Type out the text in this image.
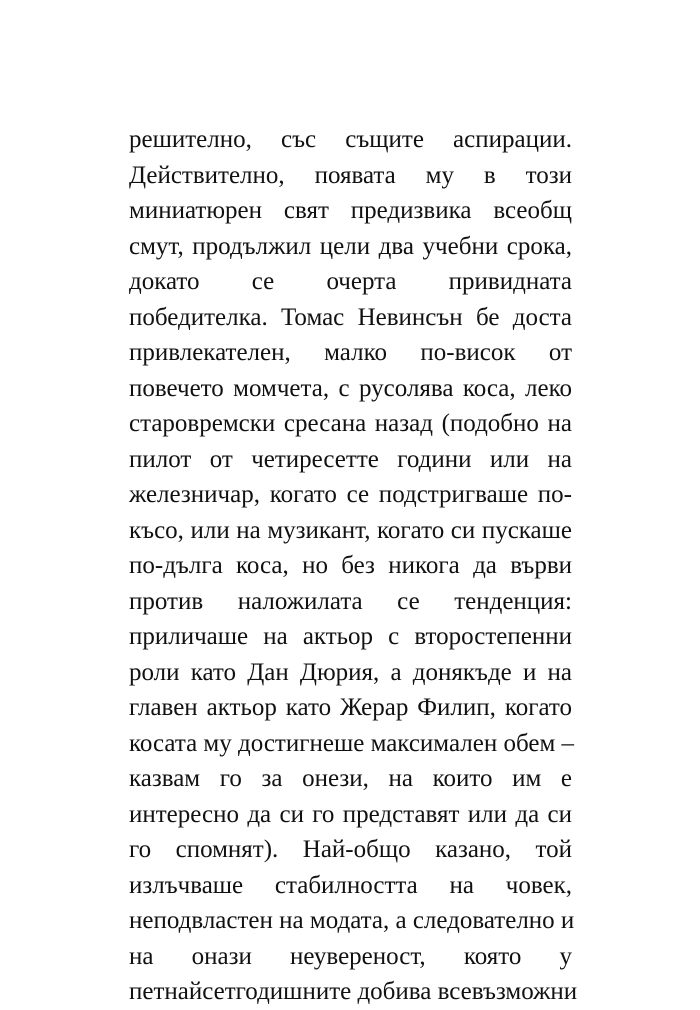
решително, със същите аспирации.
Действително, появата му в този
миниатюрен свят предизвика всеобщ
смут, продължил цели два учебни срока,
докато се очерта привидната
победителка. Томас Невинсън бе доста
привлекателен, малко по-висок от
повечето момчета, с русолява коса, леко
старовремски сресана назад (подобно на
пилот от четиресетте години или на
железничар, когато се подстригваше по-
късо, или на музикант, когато си пускаше
по-дълга коса, но без никога да върви
против наложилата се тенденция:
приличаше на актьор с второстепенни
роли като Дан Дюрия, а донякъде и на
главен актьор като Жерар Филип, когато
косата му достигнеше максимален обем –
казвам го за онези, на които им е
интересно да си го представят или да си
го спомнят). Най-общо казано, той
излъчваше стабилността на човек,
неподвластен на модата, а следователно и
на онази неувереност, която у
петнайсетгодишните добива всевъзможни
